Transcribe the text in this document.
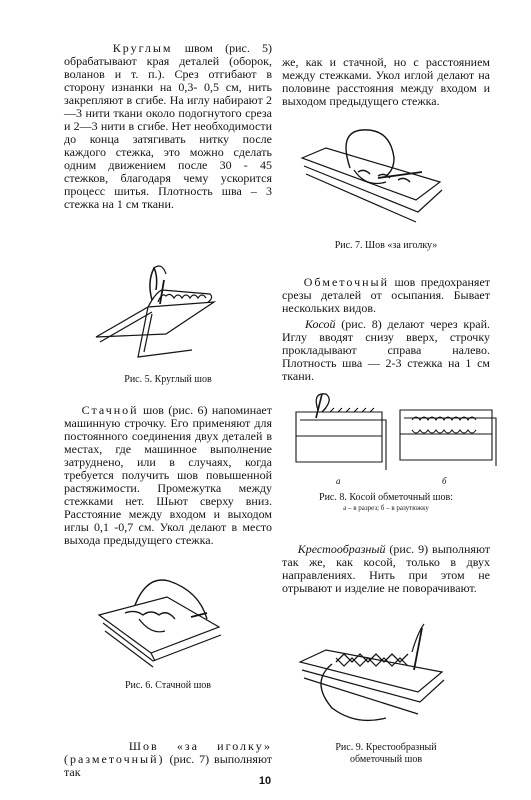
Круглым швом (рис. 5) обрабатывают края деталей (оборок, воланов и т. п.). Срез отгибают в сторону изнанки на 0,3- 0,5 см, нить закрепляют в сгибе. На иглу набирают 2—3 нити ткани около подогнутого среза и 2—3 нити в сгибе. Нет необходимости до конца затягивать нитку после каждого стежка, это можно сделать одним движением после 30 - 45 стежков, благодаря чему ускорится процесс шитья. Плотность шва – 3 стежка на 1 см ткани.

Рис. 5. Круглый шов

Стачной шов (рис. 6) напоминает машинную строчку. Его применяют для постоянного соединения двух деталей в местах, где машинное выполнение затруднено, или в случаях, когда требуется получить шов повышенной растяжимости. Промежутка между стежками нет. Шьют сверху вниз. Расстояние между входом и выходом иглы 0,1 -0,7 см. Укол делают в место выхода предыдущего стежка.

Рис. 6. Стачной шов

Шов «за иголку» (разметочный) (рис. 7) выполняют так

же, как и стачной, но с расстоянием между стежками. Укол иглой делают на половине расстояния между входом и выходом предыдущего стежка.

Рис. 7. Шов «за иголку»

Обметочный шов предохраняет срезы деталей от осыпания. Бывает нескольких видов.

Косой (рис. 8) делают через край. Иглу вводят снизу вверх, строчку прокладывают справа налево. Плотность шва — 2-3 стежка на 1 см ткани.

а	б

Рис. 8. Косой обметочный шов:
а – в разрез; б – в разутюжку

Крестообразный (рис. 9) выполняют так же, как косой, только в двух направлениях. Нить при этом не отрывают и изделие не поворачивают.

Рис. 9. Крестообразный
обметочный шов

10
